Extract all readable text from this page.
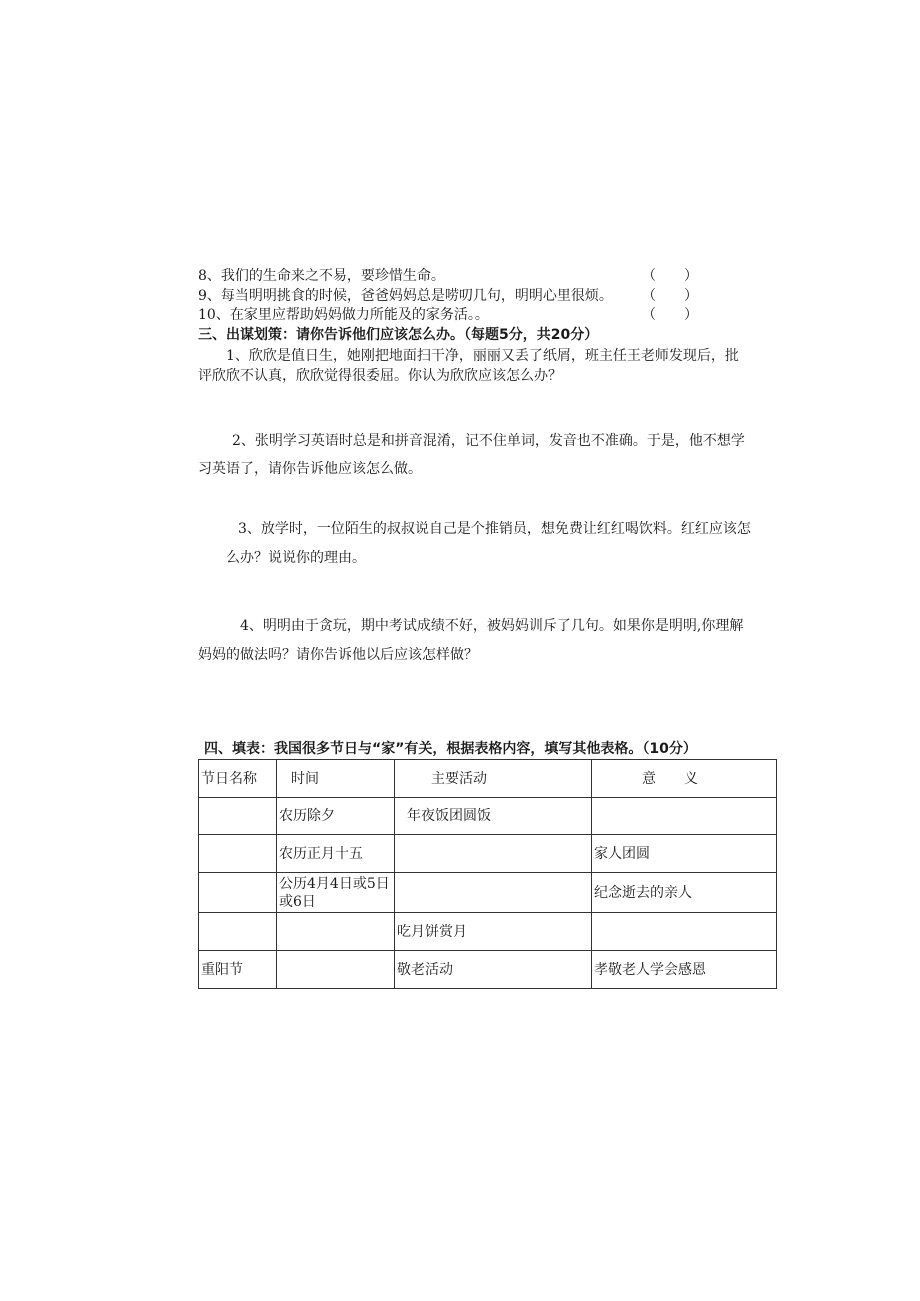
8、我们的生命来之不易，要珍惜生命。	（　　）
9、每当明明挑食的时候，爸爸妈妈总是唠叨几句，明明心里很烦。 （　　）
10、在家里应帮助妈妈做力所能及的家务活。。	（　　）
三、出谋划策：请你告诉他们应该怎么办。（每题5分，共20分）
1、欣欣是值日生，她刚把地面扫干净，丽丽又丢了纸屑，班主任王老师发现后，批
评欣欣不认真，欣欣觉得很委屈。你认为欣欣应该怎么办？
2、张明学习英语时总是和拼音混淆，记不住单词，发音也不准确。于是，他不想学
习英语了，请你告诉他应该怎么做。
3、放学时，一位陌生的叔叔说自己是个推销员，想免费让红红喝饮料。红红应该怎
么办？说说你的理由。
4、明明由于贪玩，期中考试成绩不好，被妈妈训斥了几句。如果你是明明,你理解
妈妈的做法吗？请你告诉他以后应该怎样做？
四、填表：我国很多节日与“家”有关，根据表格内容，填写其他表格。（10分）
节日名称	时间	主要活动	意　　义
	农历除夕	年夜饭团圆饭	
	农历正月十五		家人团圆
	公历4月4日或5日或6日		纪念逝去的亲人
		吃月饼赏月	
重阳节		敬老活动	孝敬老人学会感恩
